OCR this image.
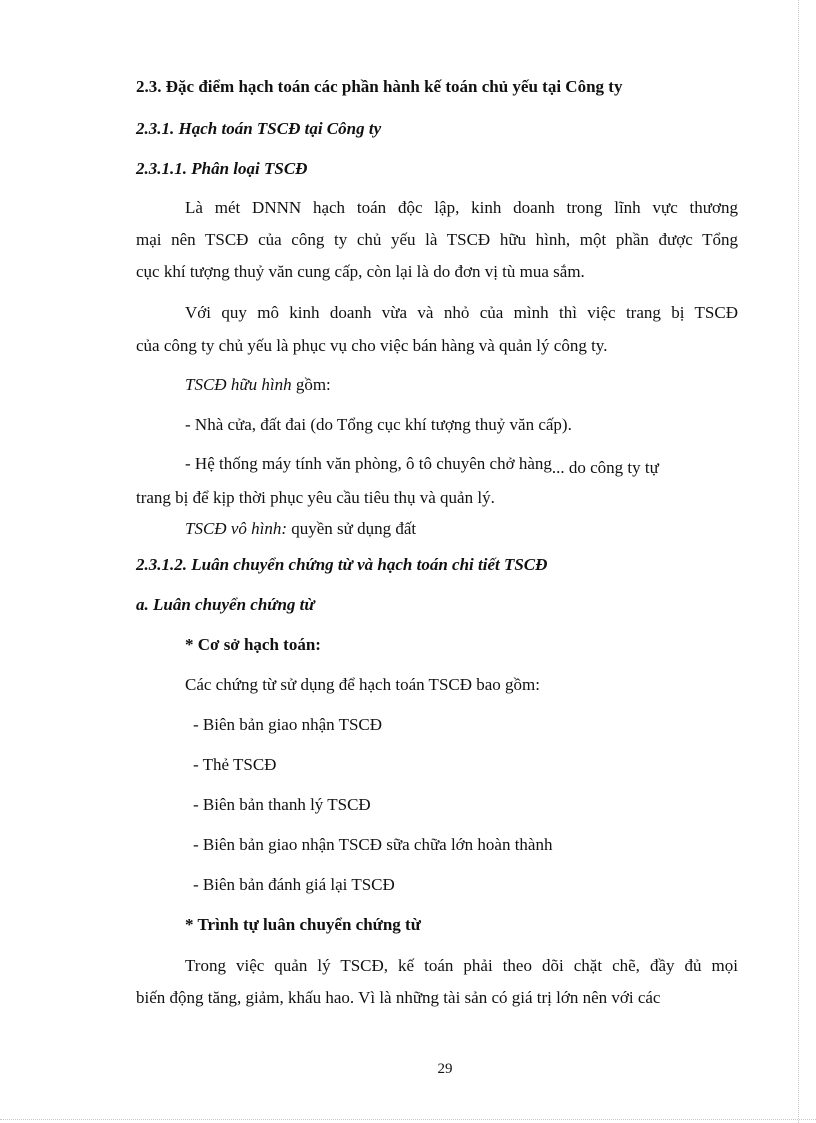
2.3. Đặc điểm hạch toán các phần hành kế toán chủ yếu tại Công ty
2.3.1. Hạch toán TSCĐ tại Công ty
2.3.1.1. Phân loại TSCĐ
Là mét DNNN hạch toán độc lập, kinh doanh trong lĩnh vực thương
mại nên TSCĐ của công ty chủ yếu là TSCĐ hữu hình, một phần được Tổng
cục khí tượng thuỷ văn cung cấp, còn lại là do đơn vị tù mua sắm.
Với quy mô kinh doanh vừa và nhỏ của mình thì việc trang bị TSCĐ
của công ty chủ yếu là phục vụ cho việc bán hàng và quản lý công ty.
TSCĐ hữu hình gồm:
- Nhà cửa, đất đai (do Tổng cục khí tượng thuỷ văn cấp).
- Hệ thống máy tính văn phòng, ô tô chuyên chở hàng... do công ty tự
trang bị để kịp thời phục yêu cầu tiêu thụ và quản lý.
TSCĐ vô hình: quyền sử dụng đất
2.3.1.2. Luân chuyển chứng từ và hạch toán chi tiết TSCĐ
a. Luân chuyển chứng từ
* Cơ sở hạch toán:
Các chứng từ sử dụng để hạch toán TSCĐ bao gồm:
- Biên bản giao nhận TSCĐ
- Thẻ TSCĐ
- Biên bản thanh lý TSCĐ
- Biên bản giao nhận TSCĐ sữa chữa lớn hoàn thành
- Biên bản đánh giá lại TSCĐ
* Trình tự luân chuyển chứng từ
Trong việc quản lý TSCĐ, kế toán phải theo dõi chặt chẽ, đầy đủ mọi
biến động tăng, giảm, khấu hao. Vì là những tài sản có giá trị lớn nên với các
29
